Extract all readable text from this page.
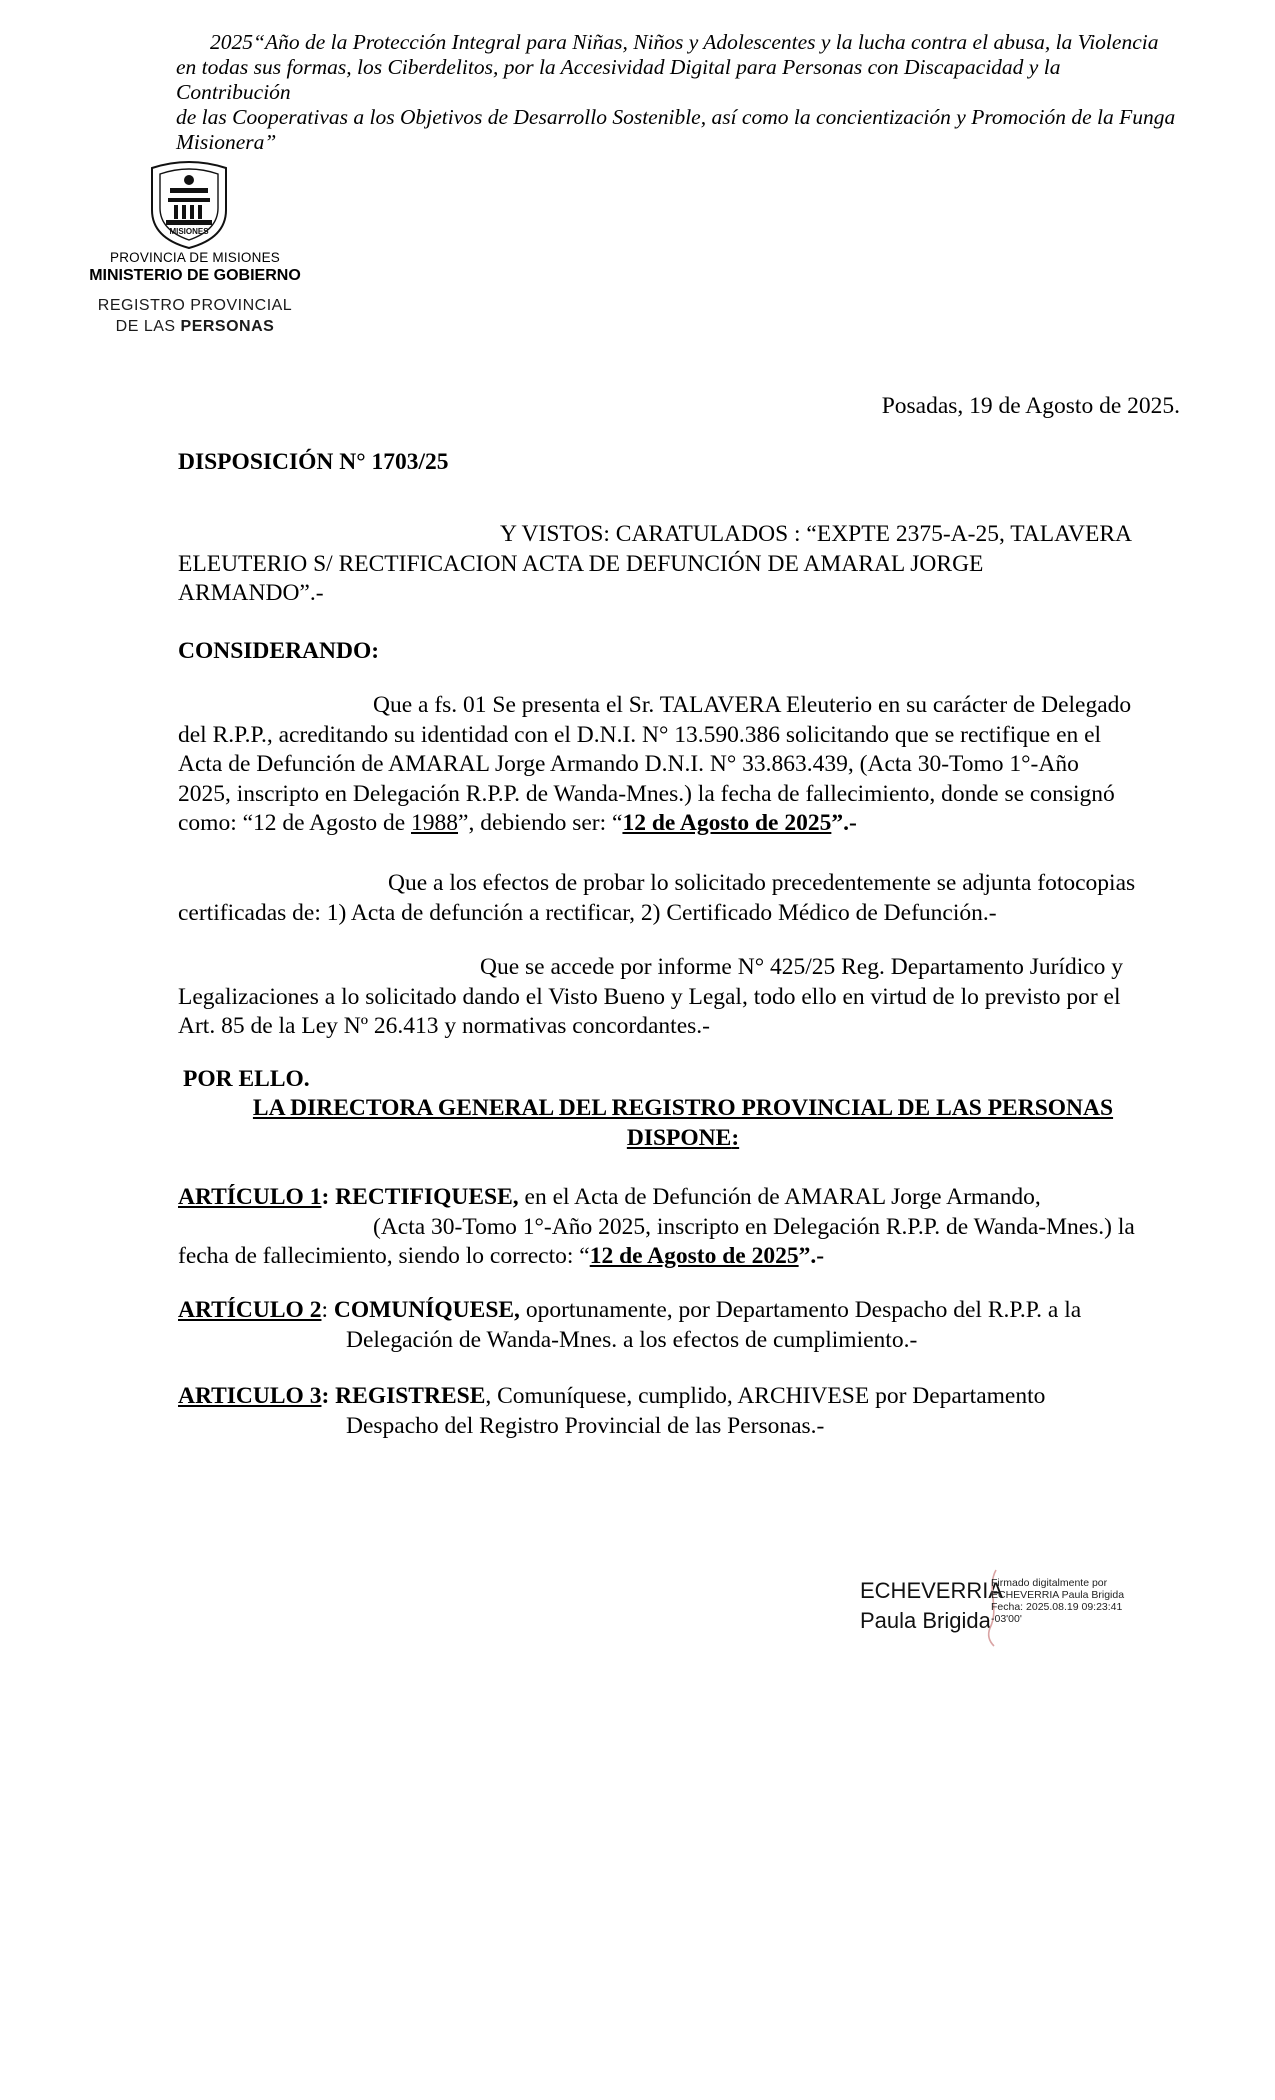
2025“Año de la Protección Integral para Niñas, Niños y Adolescentes y la lucha contra el abusa, la Violencia
en todas sus formas, los Ciberdelitos, por la Accesividad Digital para Personas con Discapacidad y la Contribución
de las Cooperativas a los Objetivos de Desarrollo Sostenible, así como la concientización y Promoción de la Funga
Misionera”
MISIONES
PROVINCIA DE MISIONES
MINISTERIO DE GOBIERNO
REGISTRO PROVINCIAL
DE LAS PERSONAS
Posadas, 19 de Agosto de 2025.
DISPOSICIÓN N° 1703/25
Y VISTOS: CARATULADOS : “EXPTE 2375-A-25, TALAVERA
ELEUTERIO S/ RECTIFICACION ACTA DE DEFUNCIÓN DE AMARAL JORGE
ARMANDO”.-
CONSIDERANDO:
Que a fs. 01 Se presenta el Sr. TALAVERA Eleuterio en su carácter de Delegado
del R.P.P., acreditando su identidad con el D.N.I. N° 13.590.386 solicitando que se rectifique en el
Acta de Defunción de AMARAL Jorge Armando D.N.I. N° 33.863.439, (Acta 30-Tomo 1°-Año
2025, inscripto en Delegación R.P.P. de Wanda-Mnes.) la fecha de fallecimiento, donde se consignó
como: “12 de Agosto de 1988”, debiendo ser: “12 de Agosto de 2025”.-
Que a los efectos de probar lo solicitado precedentemente se adjunta fotocopias
certificadas de: 1) Acta de defunción a rectificar, 2) Certificado Médico de Defunción.-
Que se accede por informe N° 425/25 Reg. Departamento Jurídico y
Legalizaciones a lo solicitado dando el Visto Bueno y Legal, todo ello en virtud de lo previsto por el
Art. 85 de la Ley Nº 26.413 y normativas concordantes.-
POR ELLO.
LA DIRECTORA GENERAL DEL REGISTRO PROVINCIAL DE LAS PERSONAS
DISPONE:
ARTÍCULO 1: RECTIFIQUESE, en el Acta de Defunción de AMARAL Jorge Armando,
(Acta 30-Tomo 1°-Año 2025, inscripto en Delegación R.P.P. de Wanda-Mnes.) la
fecha de fallecimiento, siendo lo correcto: “12 de Agosto de 2025”.-
ARTÍCULO 2: COMUNÍQUESE, oportunamente, por Departamento Despacho del R.P.P. a la
Delegación de Wanda-Mnes. a los efectos de cumplimiento.-
ARTICULO 3: REGISTRESE, Comuníquese, cumplido, ARCHIVESE por Departamento
Despacho del Registro Provincial de las Personas.-
ECHEVERRIA
Paula Brigida
Firmado digitalmente por
ECHEVERRIA Paula Brigida
Fecha: 2025.08.19 09:23:41
-03'00'
